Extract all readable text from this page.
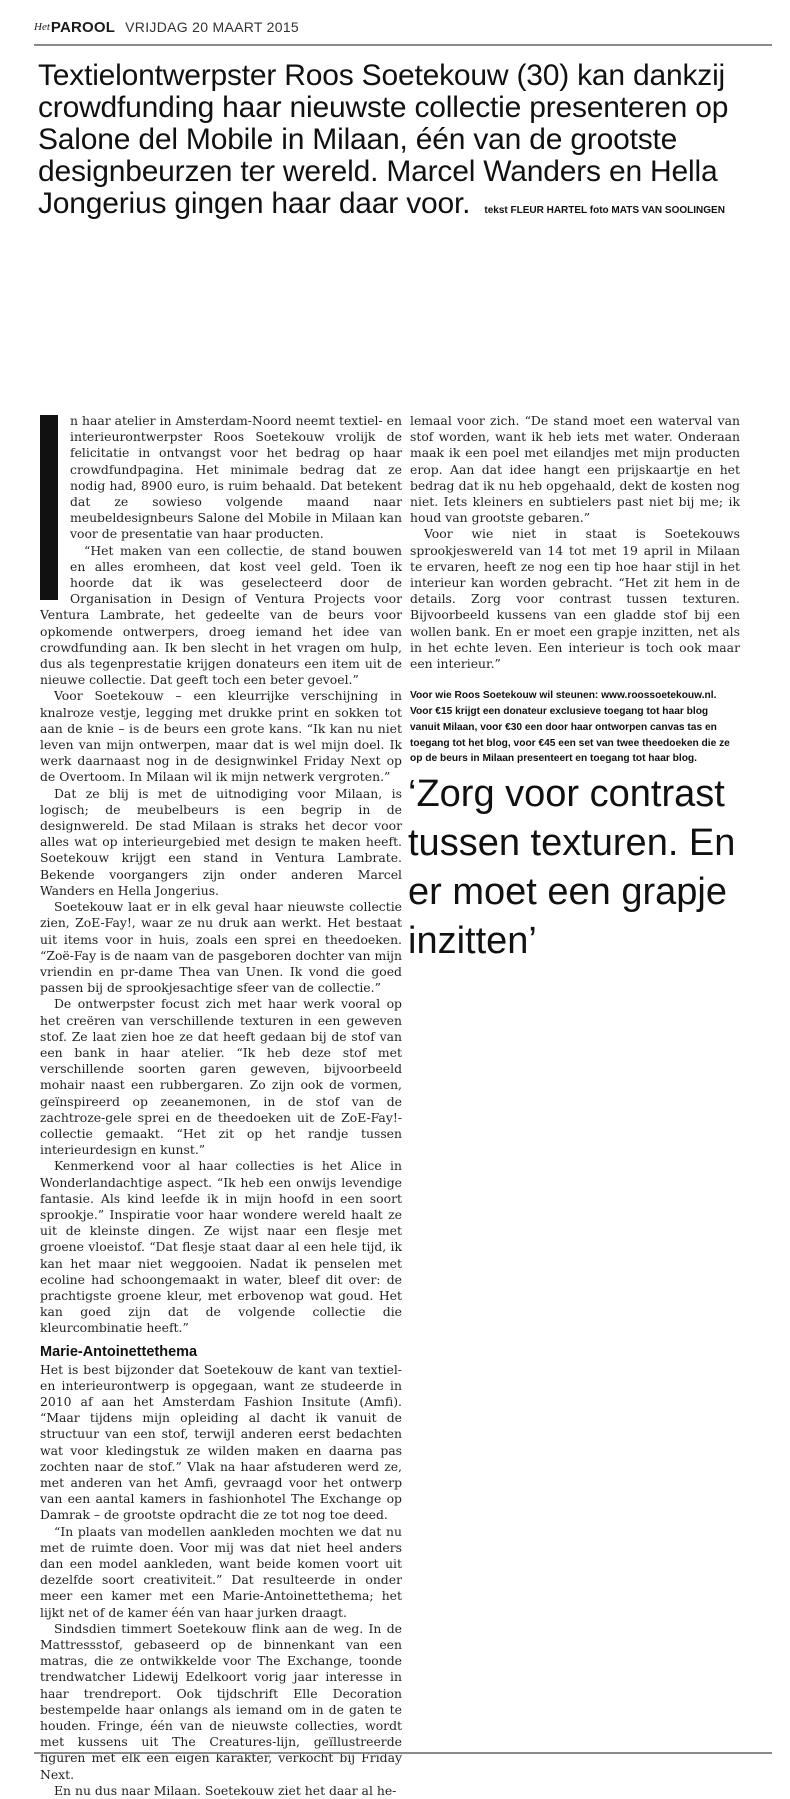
Het PAROOL VRIJDAG 20 MAART 2015
Textielontwerpster Roos Soetekouw (30) kan dankzij crowdfunding haar nieuwste collectie presenteren op Salone del Mobile in Milaan, één van de grootste designbeurzen ter wereld. Marcel Wanders en Hella Jongerius gingen haar daar voor. tekst FLEUR HARTEL foto MATS VAN SOOLINGEN

n haar atelier in Amsterdam-Noord neemt textiel- en interieurontwerpster Roos Soetekouw vrolijk de felicitatie in ontvangst voor het bedrag op haar crowdfundpagina. Het minimale bedrag dat ze nodig had, 8900 euro, is ruim behaald. Dat betekent dat ze sowieso volgende maand naar meubeldesignbeurs Salone del Mobile in Milaan kan voor de presentatie van haar producten.

“Het maken van een collectie, de stand bouwen en alles eromheen, dat kost veel geld. Toen ik hoorde dat ik was geselecteerd door de Organisation in Design of Ventura Projects voor Ventura Lambrate, het gedeelte van de beurs voor opkomende ontwerpers, droeg iemand het idee van crowdfunding aan. Ik ben slecht in het vragen om hulp, dus als tegenprestatie krijgen donateurs een item uit de nieuwe collectie. Dat geeft toch een beter gevoel.”

Voor Soetekouw – een kleurrijke verschijning in knalroze vestje, legging met drukke print en sokken tot aan de knie – is de beurs een grote kans. “Ik kan nu niet leven van mijn ontwerpen, maar dat is wel mijn doel. Ik werk daarnaast nog in de designwinkel Friday Next op de Overtoom. In Milaan wil ik mijn netwerk vergroten.”

Dat ze blij is met de uitnodiging voor Milaan, is logisch; de meubelbeurs is een begrip in de designwereld. De stad Milaan is straks het decor voor alles wat op interieurgebied met design te maken heeft. Soetekouw krijgt een stand in Ventura Lambrate. Bekende voorgangers zijn onder anderen Marcel Wanders en Hella Jongerius.

Soetekouw laat er in elk geval haar nieuwste collectie zien, ZoE-Fay!, waar ze nu druk aan werkt. Het bestaat uit items voor in huis, zoals een sprei en theedoeken. “Zoë-Fay is de naam van de pasgeboren dochter van mijn vriendin en pr-dame Thea van Unen. Ik vond die goed passen bij de sprookjesachtige sfeer van de collectie.”

De ontwerpster focust zich met haar werk vooral op het creëren van verschillende texturen in een geweven stof. Ze laat zien hoe ze dat heeft gedaan bij de stof van een bank in haar atelier. “Ik heb deze stof met verschillende soorten garen geweven, bijvoorbeeld mohair naast een rubbergaren. Zo zijn ook de vormen, geïnspireerd op zeeanemonen, in de stof van de zachtroze-gele sprei en de theedoeken uit de ZoE-Fay!-collectie gemaakt. “Het zit op het randje tussen interieurdesign en kunst.”

Kenmerkend voor al haar collecties is het Alice in Wonderlandachtige aspect. “Ik heb een onwijs levendige fantasie. Als kind leefde ik in mijn hoofd in een soort sprookje.” Inspiratie voor haar wondere wereld haalt ze uit de kleinste dingen. Ze wijst naar een flesje met groene vloeistof. “Dat flesje staat daar al een hele tijd, ik kan het maar niet weggooien. Nadat ik penselen met ecoline had schoongemaakt in water, bleef dit over: de prachtigste groene kleur, met erbovenop wat goud. Het kan goed zijn dat de volgende collectie die kleurcombinatie heeft.”

Marie-Antoinettethema

Het is best bijzonder dat Soetekouw de kant van textiel- en interieurontwerp is opgegaan, want ze studeerde in 2010 af aan het Amsterdam Fashion Insitute (Amfi). “Maar tijdens mijn opleiding al dacht ik vanuit de structuur van een stof, terwijl anderen eerst bedachten wat voor kledingstuk ze wilden maken en daarna pas zochten naar de stof.” Vlak na haar afstuderen werd ze, met anderen van het Amfi, gevraagd voor het ontwerp van een aantal kamers in fashionhotel The Exchange op Damrak – de grootste opdracht die ze tot nog toe deed.

“In plaats van modellen aankleden mochten we dat nu met de ruimte doen. Voor mij was dat niet heel anders dan een model aankleden, want beide komen voort uit dezelfde soort creativiteit.” Dat resulteerde in onder meer een kamer met een Marie-Antoinettethema; het lijkt net of de kamer één van haar jurken draagt.

Sindsdien timmert Soetekouw flink aan de weg. In de Mattressstof, gebaseerd op de binnenkant van een matras, die ze ontwikkelde voor The Exchange, toonde trendwatcher Lidewij Edelkoort vorig jaar interesse in haar trendreport. Ook tijdschrift Elle Decoration bestempelde haar onlangs als iemand om in de gaten te houden. Fringe, één van de nieuwste collecties, wordt met kussens uit The Creatures-lijn, geïllustreerde figuren met elk een eigen karakter, verkocht bij Friday Next.

En nu dus naar Milaan. Soetekouw ziet het daar al he-

lemaal voor zich. “De stand moet een waterval van stof worden, want ik heb iets met water. Onderaan maak ik een poel met eilandjes met mijn producten erop. Aan dat idee hangt een prijskaartje en het bedrag dat ik nu heb opgehaald, dekt de kosten nog niet. Iets kleiners en subtielers past niet bij me; ik houd van grootste gebaren.”

Voor wie niet in staat is Soetekouws sprookjeswereld van 14 tot met 19 april in Milaan te ervaren, heeft ze nog een tip hoe haar stijl in het interieur kan worden gebracht. “Het zit hem in de details. Zorg voor contrast tussen texturen. Bijvoorbeeld kussens van een gladde stof bij een wollen bank. En er moet een grapje inzitten, net als in het echte leven. Een interieur is toch ook maar een interieur.”

Voor wie Roos Soetekouw wil steunen: www.roossoetekouw.nl. Voor €15 krijgt een donateur exclusieve toegang tot haar blog vanuit Milaan, voor €30 een door haar ontworpen canvas tas en toegang tot het blog, voor €45 een set van twee theedoeken die ze op de beurs in Milaan presenteert en toegang tot haar blog.
‘Zorg voor contrast tussen texturen. En er moet een grapje inzitten’
